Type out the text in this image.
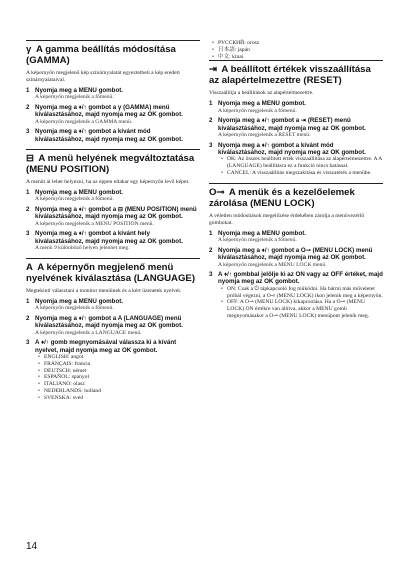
γ A gamma beállítás módosítása (GAMMA)

A képernyőn megjelenő kép színárnyalatát egyeztetheti a kép eredeti színárnyalataival.

1 Nyomja meg a MENU gombot.
A képernyőn megjelenik a főmenü.
2 Nyomja meg a ♦/↑ gombot a γ (GAMMA) menü kiválasztásához, majd nyomja meg az OK gombot.
A képernyőn megjelenik a GAMMA menü.
3 Nyomja meg a ♦/↑ gombot a kívánt mód kiválasztásához, majd nyomja meg az OK gombot.
⊟ A menü helyének megváltoztatása (MENU POSITION)

A menüt át lehet helyezni, ha az éppen eltakar egy képernyőn levő képet.

1 Nyomja meg a MENU gombot.
A képernyőn megjelenik a főmenü.
2 Nyomja meg a ♦/↑ gombot a ⊟ (MENU POSITION) menü kiválasztásához, majd nyomja meg az OK gombot.
A képernyőn megjelenik a MENU POSITION menü.
3 Nyomja meg a ♦/↑ gombot a kívánt hely kiválasztásához, majd nyomja meg az OK gombot.
A menü 9 különböző helyen jelenhet meg.
A A képernyőn megjelenő menü nyelvének kiválasztása (LANGUAGE)

Megtekinti választani a monitor menüinek és a kért üzenetek nyelvét.

1 Nyomja meg a MENU gombot.
A képernyőn megjelenik a főmenü.
2 Nyomja meg a ♦/↑ gombot a A (LANGUAGE) menü kiválasztásához, majd nyomja meg az OK gombot.
A képernyőn megjelenik a LANGUAGE menü.
3 A ♦/↑ gomb megnyomásával válassza ki a kívánt nyelvet, majd nyomja meg az OK gombot.
• ENGLISH: angol
• FRANÇAIS: francia
• DEUTSCH: német
• ESPAÑOL: spanyol
• ITALIANO: olasz
• NEDERLANDS: holland
• SVENSKA: svéd
• РУССКИЙ: orosz
• 日本語: japán
• 中文: kínai
⇥ A beállított értékek visszaállítása az alapértelmezettre (RESET)

Visszaállítja a beállítások az alapértelmezettre.

1 Nyomja meg a MENU gombot.
A képernyőn megjelenik a főmenü.
2 Nyomja meg a ♦/↑ gombot a ⇥ (RESET) menü kiválasztásához, majd nyomja meg az OK gombot.
A képernyőn megjelenik a RESET menü.
3 Nyomja meg a ♦/↑ gombot a kívánt mód kiválasztásához, majd nyomja meg az OK gombot.
• OK: Az összes beállított érték visszaállítása az alapértelmezettre. A A (LANGUAGE) beállításra ez a funkció nincs hatással.
• CANCEL: A visszaállítás megszakítása és visszatérés a menübe.
O⊸ A menük és a kezelőelemek zárolása (MENU LOCK)

A véletlen módosítások megelőzése érdekében zárolja a menüvezérlő gombokat.

1 Nyomja meg a MENU gombot.
A képernyőn megjelenik a főmenü.
2 Nyomja meg a ♦/↑ gombot a O⊸ (MENU LOCK) menü kiválasztásához, majd nyomja meg az OK gombot.
A képernyőn megjelenik a MENU LOCK menü.
3 A ♦/↑ gombbal jelölje ki az ON vagy az OFF értéket, majd nyomja meg az OK gombot.
• ON: Csak a ⏻ tápkapcsoló fog működni. Ha bármi más műveletet próbál végezni, a O⊸ (MENU LOCK) ikon jelenik meg a képernyőn.
• OFF: A O⊸ (MENU LOCK) kikapcsolása. Ha a O⊸ (MENU LOCK) ON értékre van állítva, akkor a MENU gomb megnyomásakor a O⊸ (MENU LOCK) menüpont jelenik meg.
14
